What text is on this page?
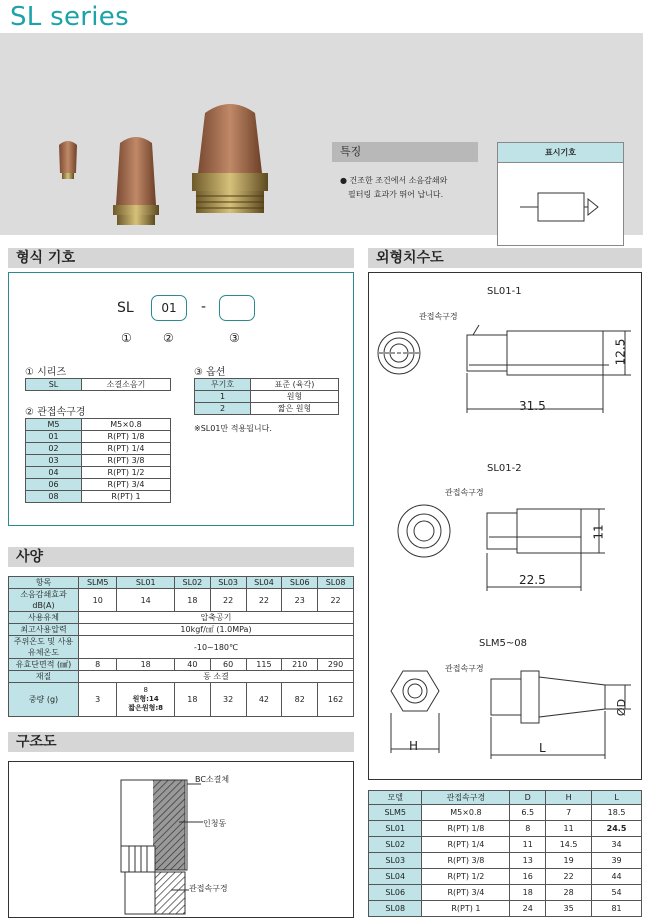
SL series
특징
● 건조한 조건에서 소음감쇄와
필터링 효과가 뛰어 납니다.
표시기호
형식 기호
SL	01	-
①	②	③
① 시리즈
SL	소결소음기
② 관접속구경
M5	M5×0.8
01	R(PT) 1/8
02	R(PT) 1/4
03	R(PT) 3/8
04	R(PT) 1/2
06	R(PT) 3/4
08	R(PT) 1
③ 옵션
무기호	표준 (육각)
1	원형
2	짧은 원형
※SL01만 적용됩니다.
사양
항목	SLM5	SL01	SL02	SL03	SL04	SL06	SL08
소음감쇄효과 dB(A)	10	14	18	22	22	23	22
사용유체	압축공기						
최고사용압력	10kgf/㎠ (1.0MPa)						
주위온도 및 사용 유체온도	-10~180℃						
유효단면적 (㎟)	8	18	40	60	115	210	290
재질	동 소결						
중량 (g)	3	8
원형:14
짧은원형:8	18	32	42	82	162
구조도
BC소결체
인청동
관접속구경
외형치수도
SL01-1
관접속구경
31.5
12.5
SL01-2
관접속구경
22.5
11
SLM5~08
관접속구경
H	L
ØD
모델	관접속구경	D	H	L
SLM5	M5×0.8	6.5	7	18.5
SL01	R(PT) 1/8	8	11	24.5
SL02	R(PT) 1/4	11	14.5	34
SL03	R(PT) 3/8	13	19	39
SL04	R(PT) 1/2	16	22	44
SL06	R(PT) 3/4	18	28	54
SL08	R(PT) 1	24	35	81
